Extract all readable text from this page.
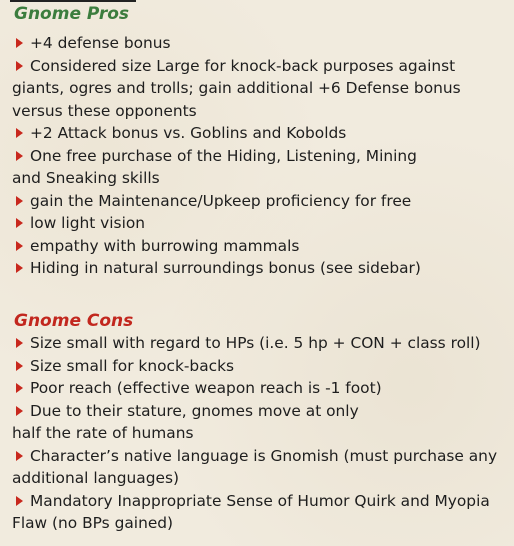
Gnome Pros
+4 defense bonus
Considered size Large for knock-back purposes against
giants, ogres and trolls; gain additional +6 Defense bonus
versus these opponents
+2 Attack bonus vs. Goblins and Kobolds
One free purchase of the Hiding, Listening, Mining
and Sneaking skills
gain the Maintenance/Upkeep proficiency for free
low light vision
empathy with burrowing mammals
Hiding in natural surroundings bonus (see sidebar)
Gnome Cons
Size small with regard to HPs (i.e. 5 hp + CON + class roll)
Size small for knock-backs
Poor reach (effective weapon reach is -1 foot)
Due to their stature, gnomes move at only
half the rate of humans
Character’s native language is Gnomish (must purchase any
additional languages)
Mandatory Inappropriate Sense of Humor Quirk and Myopia
Flaw (no BPs gained)
